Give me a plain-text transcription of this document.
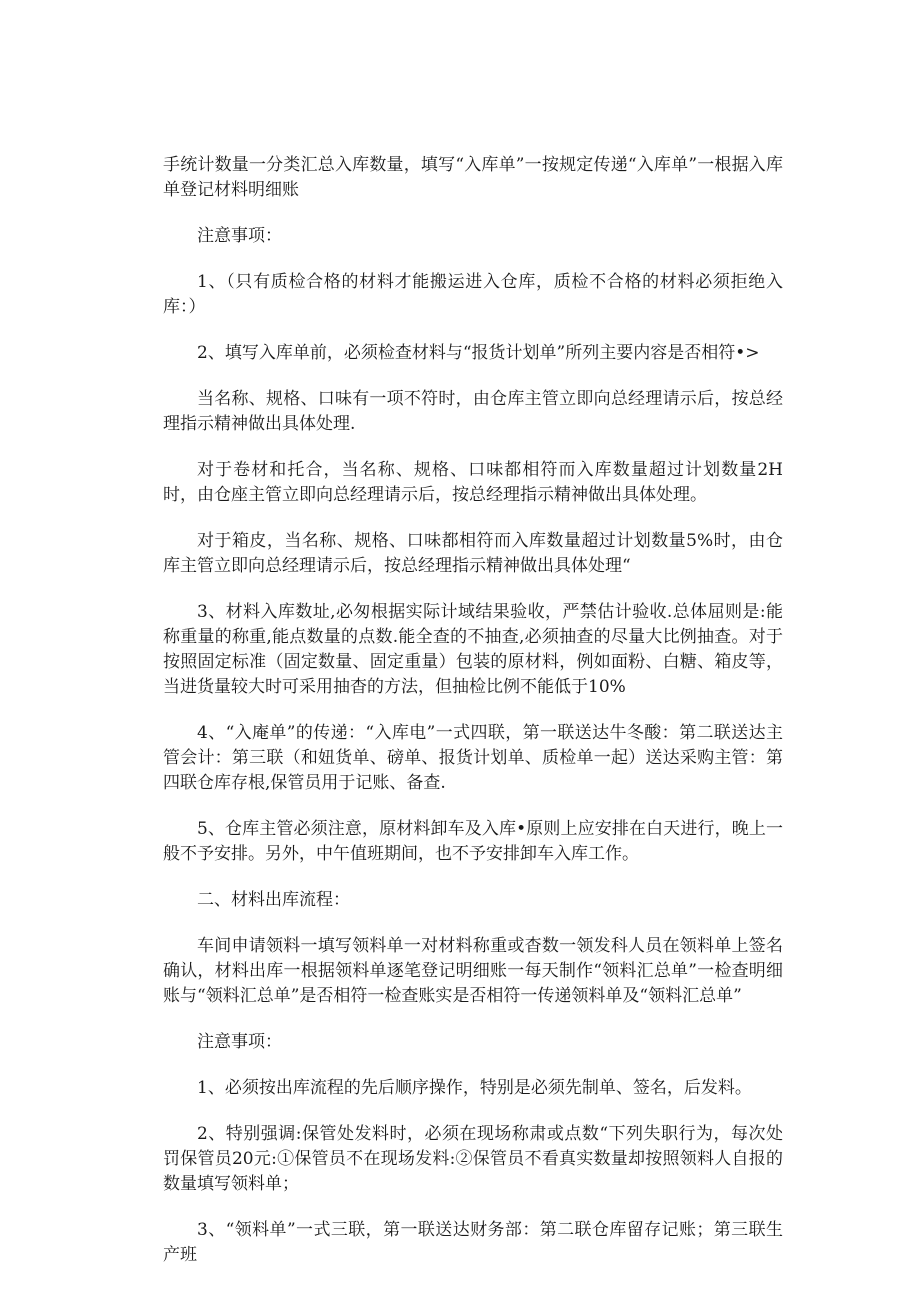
手统计数量一分类汇总入库数量，填写“入库单”一按规定传递“入库单”一根据入库单登记材料明细账

注意事项：

1、（只有质检合格的材料才能搬运进入仓库，质检不合格的材料必须拒绝入库：）

2、填写入库单前，必须检查材料与“报货计划单”所列主要内容是否相符•>

当名称、规格、口味有一项不符时，由仓库主管立即向总经理请示后，按总经理指示精神做出具体处理.

对于卷材和托合，当名称、规格、口味都相符而入库数量超过计划数量2H时，由仓座主管立即向总经理请示后，按总经理指示精神做出具体处理。

对于箱皮，当名称、规格、口味都相符而入库数量超过计划数量5%时，由仓库主管立即向总经理请示后，按总经理指示精神做出具体处理“

3、材料入库数址,必匆根据实际计域结果验收，严禁估计验收.总体屈则是:能称重量的称重,能点数量的点数.能全查的不抽查,必须抽查的尽量大比例抽查。对于按照固定标准（固定数量、固定重量）包装的原材料，例如面粉、白糖、箱皮等，当进货量较大时可采用抽杳的方法，但抽检比例不能低于10%

4、“入庵单”的传递：“入库电”一式四联，第一联送达牛冬酸：第二联送达主管会计：第三联（和妞货单、磅单、报货计划单、质检单一起）送达采购主管：第四联仓库存根,保管员用于记账、备查.

5、仓库主管必须注意，原材料卸车及入库•原则上应安排在白天进行，晚上一般不予安排。另外，中午值班期间，也不予安排卸车入库工作。

二、材料出库流程：

车间申请领料一填写领料单一对材料称重或杳数一领发科人员在领料单上签名确认，材料出库一根据领料单逐笔登记明细账一每天制作“领料汇总单”一检查明细账与“领料汇总单”是否相符一检查账实是否相符一传递领料单及“领料汇总单”

注意事项：

1、必须按出库流程的先后顺序操作，特别是必须先制单、签名，后发料。

2、特别强调:保管处发料时，必须在现场称肃或点数“下列失职行为，每次处罚保管员20元:①保管员不在现场发料:②保管员不看真实数量却按照领料人自报的数量填写领料单；

3、“领料单”一式三联，第一联送达财务部：第二联仓库留存记账；第三联生产班
